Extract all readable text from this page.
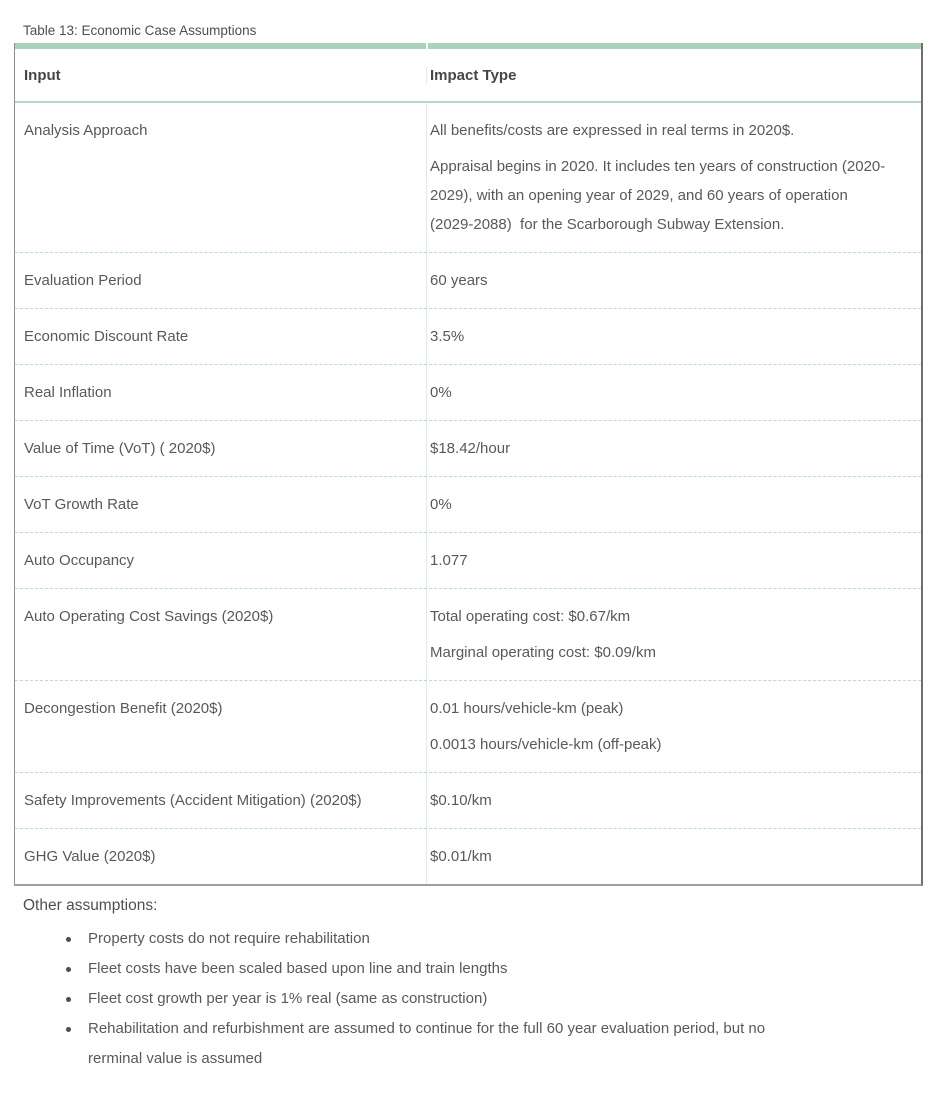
Table 13: Economic Case Assumptions
Input	Impact Type
Analysis Approach	All benefits/costs are expressed in real terms in 2020$.

Appraisal begins in 2020. It includes ten years of construction (2020-2029), with an opening year of 2029, and 60 years of operation (2029-2088)  for the Scarborough Subway Extension.

Evaluation Period	60 years

Economic Discount Rate	3.5%

Real Inflation	0%

Value of Time (VoT) ( 2020$)	$18.42/hour

VoT Growth Rate	0%

Auto Occupancy	1.077

Auto Operating Cost Savings (2020$)	Total operating cost: $0.67/km

Marginal operating cost: $0.09/km

Decongestion Benefit (2020$)	0.01 hours/vehicle-km (peak)

0.0013 hours/vehicle-km (off-peak)

Safety Improvements (Accident Mitigation) (2020$)	$0.10/km

GHG Value (2020$)	$0.01/km

Other assumptions:
Property costs do not require rehabilitation
Fleet costs have been scaled based upon line and train lengths
Fleet cost growth per year is 1% real (same as construction)
Rehabilitation and refurbishment are assumed to continue for the full 60 year evaluation period, but no rerminal value is assumed
